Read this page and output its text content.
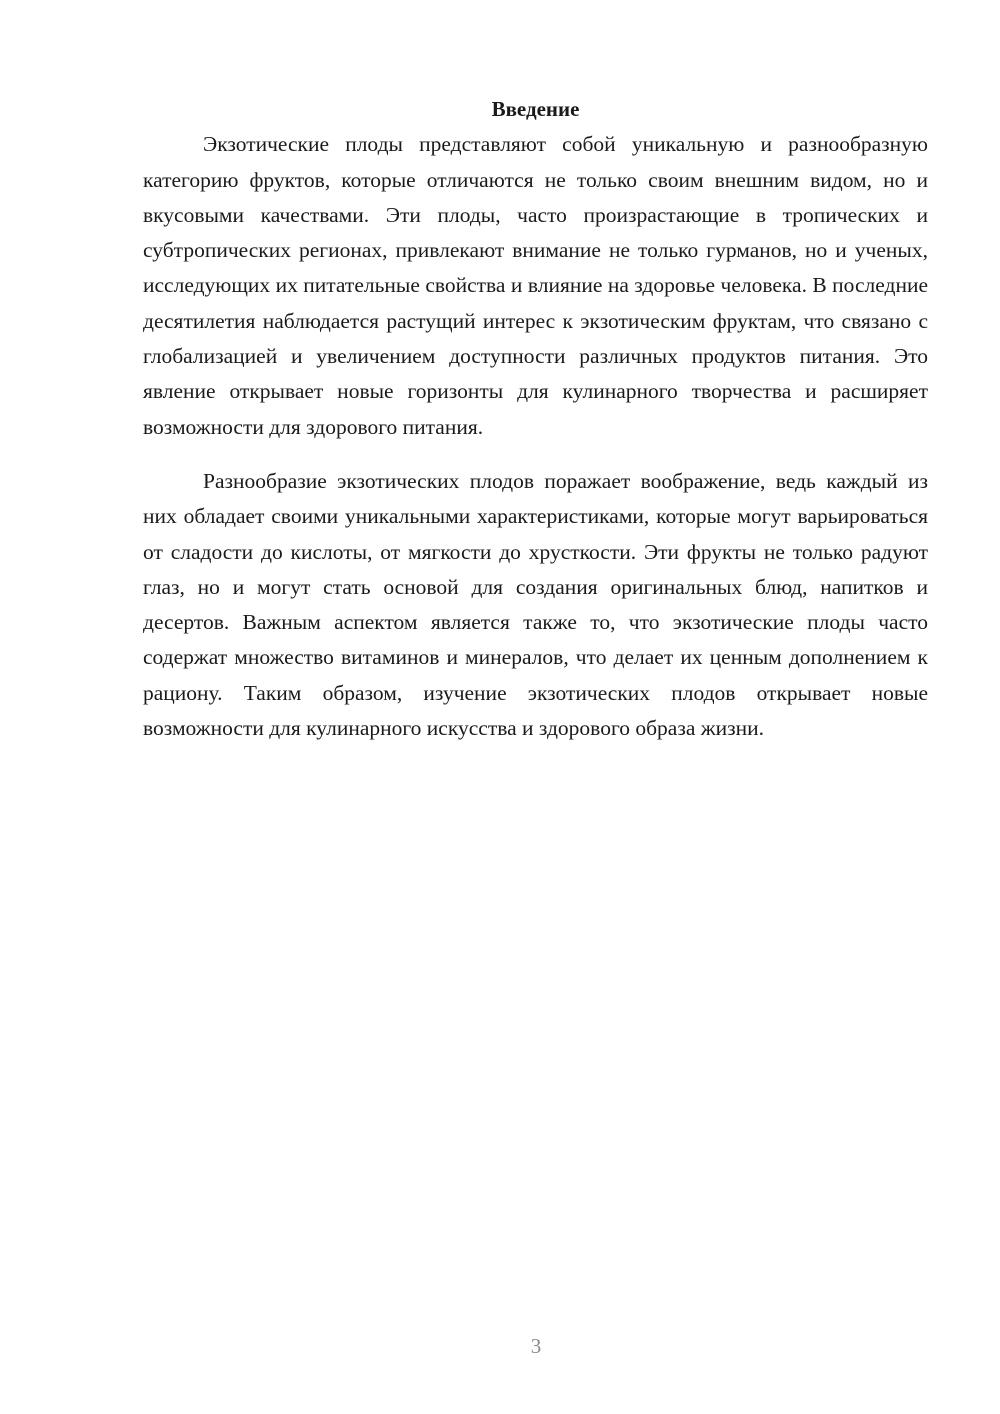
Введение

Экзотические плоды представляют собой уникальную и разнообразную категорию фруктов, которые отличаются не только своим внешним видом, но и вкусовыми качествами. Эти плоды, часто произрастающие в тропических и субтропических регионах, привлекают внимание не только гурманов, но и ученых, исследующих их питательные свойства и влияние на здоровье человека. В последние десятилетия наблюдается растущий интерес к экзотическим фруктам, что связано с глобализацией и увеличением доступности различных продуктов питания. Это явление открывает новые горизонты для кулинарного творчества и расширяет возможности для здорового питания.

Разнообразие экзотических плодов поражает воображение, ведь каждый из них обладает своими уникальными характеристиками, которые могут варьироваться от сладости до кислоты, от мягкости до хрусткости. Эти фрукты не только радуют глаз, но и могут стать основой для создания оригинальных блюд, напитков и десертов. Важным аспектом является также то, что экзотические плоды часто содержат множество витаминов и минералов, что делает их ценным дополнением к рациону. Таким образом, изучение экзотических плодов открывает новые возможности для кулинарного искусства и здорового образа жизни.

3
